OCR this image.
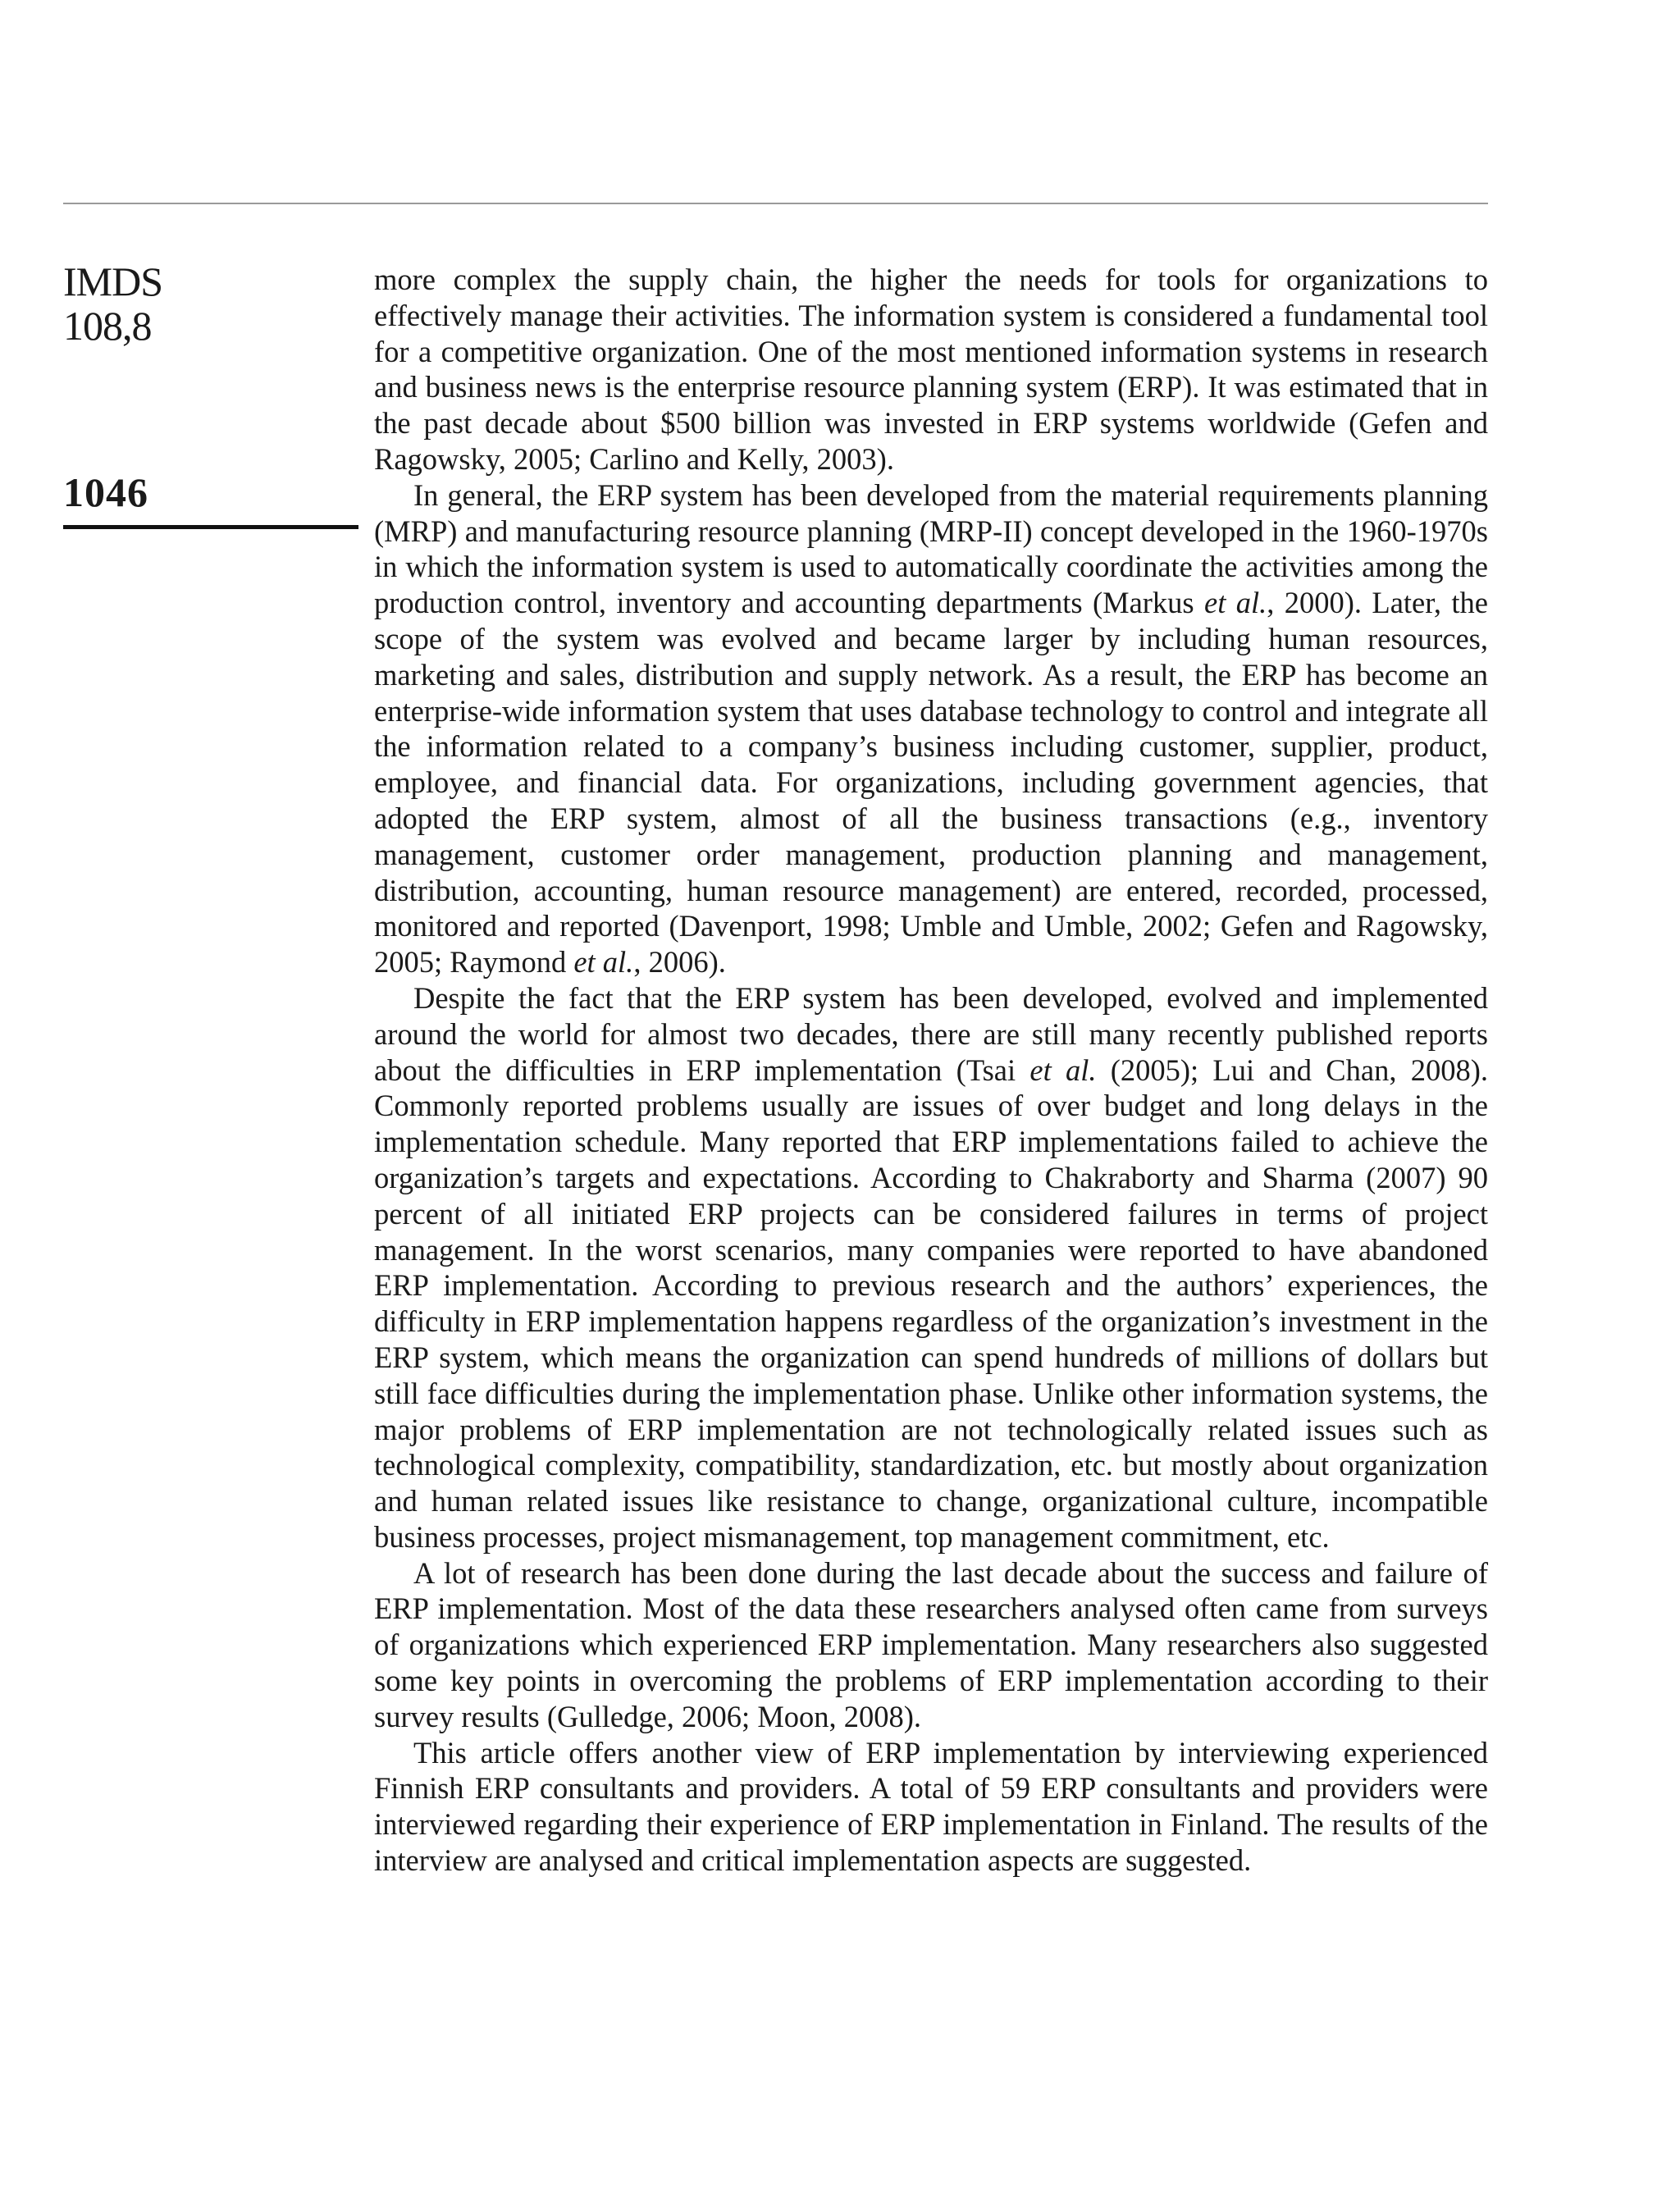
IMDS
108,8
1046

more complex the supply chain, the higher the needs for tools for organizations to effectively manage their activities. The information system is considered a fundamental tool for a competitive organization. One of the most mentioned information systems in research and business news is the enterprise resource planning system (ERP). It was estimated that in the past decade about $500 billion was invested in ERP systems worldwide (Gefen and Ragowsky, 2005; Carlino and Kelly, 2003).

In general, the ERP system has been developed from the material requirements planning (MRP) and manufacturing resource planning (MRP-II) concept developed in the 1960-1970s in which the information system is used to automatically coordinate the activities among the production control, inventory and accounting departments (Markus et al., 2000). Later, the scope of the system was evolved and became larger by including human resources, marketing and sales, distribution and supply network. As a result, the ERP has become an enterprise-wide information system that uses database technology to control and integrate all the information related to a company’s business including customer, supplier, product, employee, and financial data. For organizations, including government agencies, that adopted the ERP system, almost of all the business transactions (e.g., inventory management, customer order management, production planning and management, distribution, accounting, human resource management) are entered, recorded, processed, monitored and reported (Davenport, 1998; Umble and Umble, 2002; Gefen and Ragowsky, 2005; Raymond et al., 2006).

Despite the fact that the ERP system has been developed, evolved and implemented around the world for almost two decades, there are still many recently published reports about the difficulties in ERP implementation (Tsai et al. (2005); Lui and Chan, 2008). Commonly reported problems usually are issues of over budget and long delays in the implementation schedule. Many reported that ERP implementations failed to achieve the organization’s targets and expectations. According to Chakraborty and Sharma (2007) 90 percent of all initiated ERP projects can be considered failures in terms of project management. In the worst scenarios, many companies were reported to have abandoned ERP implementation. According to previous research and the authors’ experiences, the difficulty in ERP implementation happens regardless of the organization’s investment in the ERP system, which means the organization can spend hundreds of millions of dollars but still face difficulties during the implementation phase. Unlike other information systems, the major problems of ERP implementation are not technologically related issues such as technological complexity, compatibility, standardization, etc. but mostly about organization and human related issues like resistance to change, organizational culture, incompatible business processes, project mismanagement, top management commitment, etc.

A lot of research has been done during the last decade about the success and failure of ERP implementation. Most of the data these researchers analysed often came from surveys of organizations which experienced ERP implementation. Many researchers also suggested some key points in overcoming the problems of ERP implementation according to their survey results (Gulledge, 2006; Moon, 2008).

This article offers another view of ERP implementation by interviewing experienced Finnish ERP consultants and providers. A total of 59 ERP consultants and providers were interviewed regarding their experience of ERP implementation in Finland. The results of the interview are analysed and critical implementation aspects are suggested.
